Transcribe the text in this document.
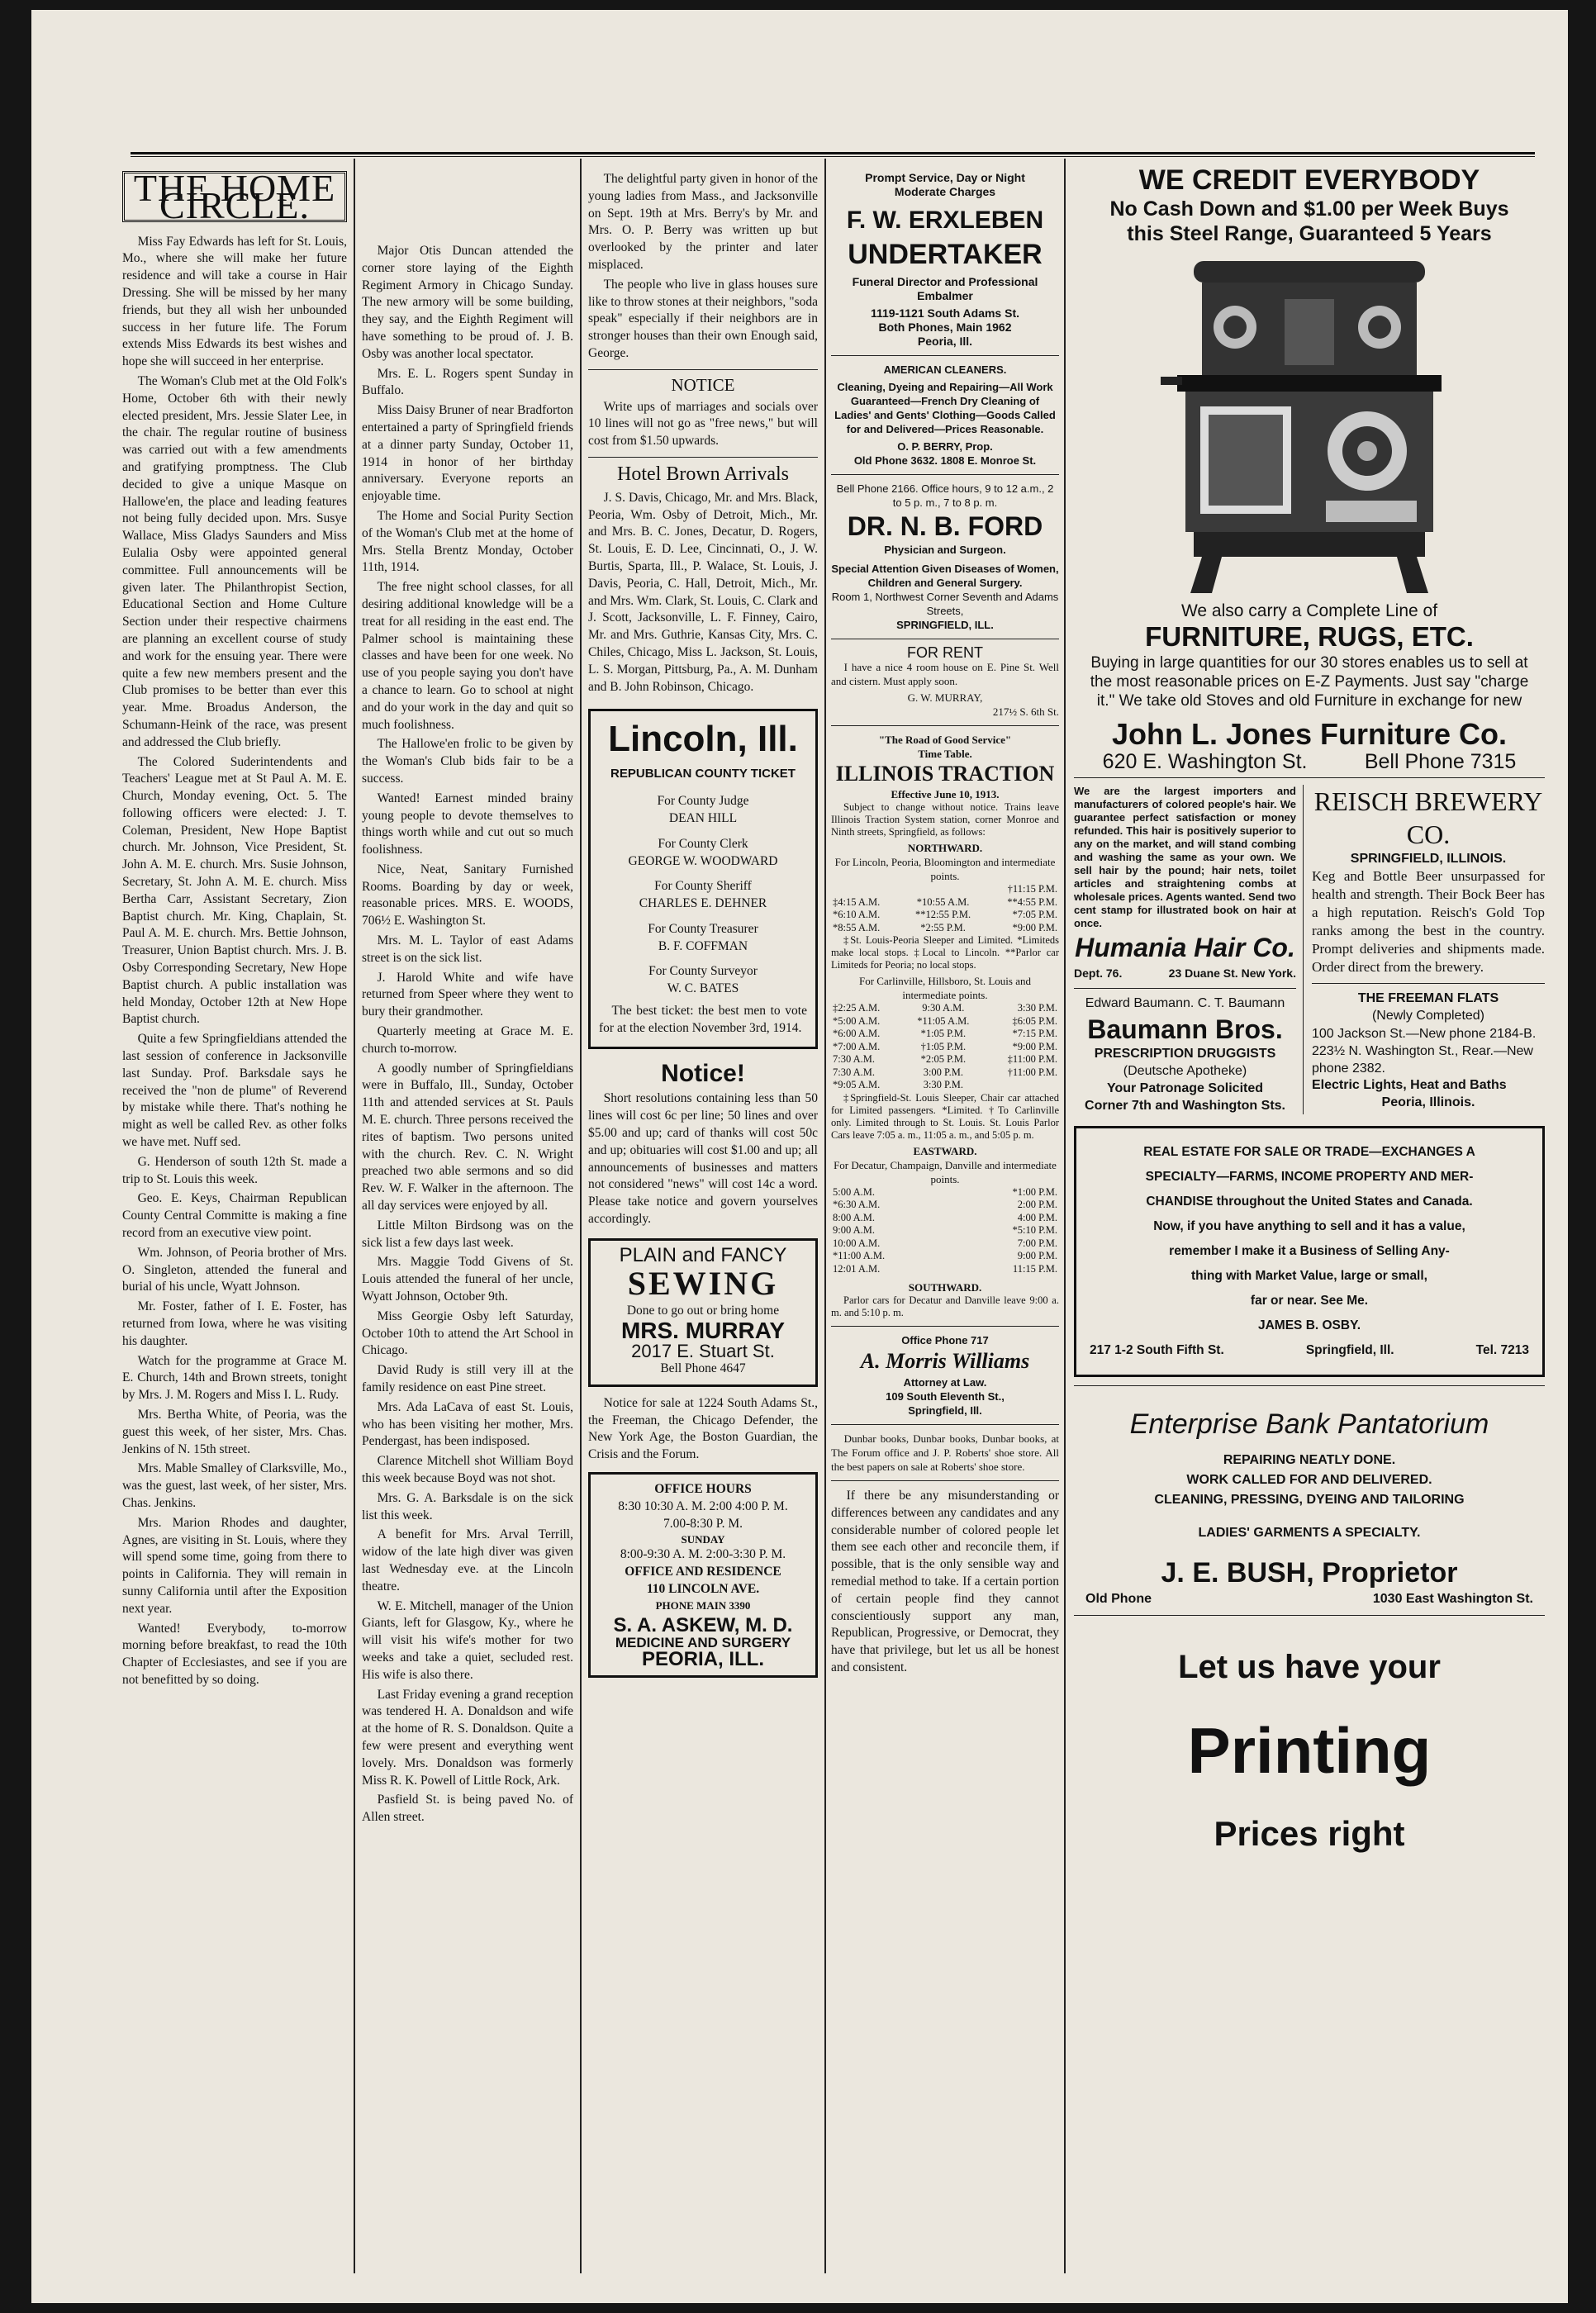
THE HOME CIRCLE.

Miss Fay Edwards has left for St. Louis, Mo., where she will make her future residence and will take a course in Hair Dressing. She will be missed by her many friends, but they all wish her unbounded success in her future life. The Forum extends Miss Edwards its best wishes and hope she will succeed in her enterprise.

The Woman's Club met at the Old Folk's Home, October 6th with their newly elected president, Mrs. Jessie Slater Lee, in the chair. The regular routine of business was carried out with a few amendments and gratifying promptness. The Club decided to give a unique Masque on Hallowe'en, the place and leading features not being fully decided upon. Mrs. Susye Wallace, Miss Gladys Saunders and Miss Eulalia Osby were appointed general committee. Full announcements will be given later. The Philanthropist Section, Educational Section and Home Culture Section under their respective chairmens are planning an excellent course of study and work for the ensuing year. There were quite a few new members present and the Club promises to be better than ever this year. Mme. Broadus Anderson, the Schumann-Heink of the race, was present and addressed the Club briefly.

The Colored Suderintendents and Teachers' League met at St Paul A. M. E. Church, Monday evening, Oct. 5. The following officers were elected: J. T. Coleman, President, New Hope Baptist church. Mr. Johnson, Vice President, St. John A. M. E. church. Mrs. Susie Johnson, Secretary, St. John A. M. E. church. Miss Bertha Carr, Assistant Secretary, Zion Baptist church. Mr. King, Chaplain, St. Paul A. M. E. church. Mrs. Bettie Johnson, Treasurer, Union Baptist church. Mrs. J. B. Osby Corresponding Secretary, New Hope Baptist church. A public installation was held Monday, October 12th at New Hope Baptist church.

Quite a few Springfieldians attended the last session of conference in Jacksonville last Sunday. Prof. Barksdale says he received the "non de plume" of Reverend by mistake while there. That's nothing he might as well be called Rev. as other folks we have met. Nuff sed.

G. Henderson of south 12th St. made a trip to St. Louis this week.

Geo. E. Keys, Chairman Republican County Central Committe is making a fine record from an executive view point.

Wm. Johnson, of Peoria brother of Mrs. O. Singleton, attended the funeral and burial of his uncle, Wyatt Johnson.

Mr. Foster, father of I. E. Foster, has returned from Iowa, where he was visiting his daughter.

Watch for the programme at Grace M. E. Church, 14th and Brown streets, tonight by Mrs. J. M. Rogers and Miss I. L. Rudy.

Mrs. Bertha White, of Peoria, was the guest this week, of her sister, Mrs. Chas. Jenkins of N. 15th street.

Mrs. Mable Smalley of Clarksville, Mo., was the guest, last week, of her sister, Mrs. Chas. Jenkins.

Mrs. Marion Rhodes and daughter, Agnes, are visiting in St. Louis, where they will spend some time, going from there to points in California. They will remain in sunny California until after the Exposition next year.

Wanted! Everybody, to-morrow morning before breakfast, to read the 10th Chapter of Ecclesiastes, and see if you are not benefitted by so doing.

Major Otis Duncan attended the corner store laying of the Eighth Regiment Armory in Chicago Sunday. The new armory will be some building, they say, and the Eighth Regiment will have something to be proud of. J. B. Osby was another local spectator.

Mrs. E. L. Rogers spent Sunday in Buffalo.

Miss Daisy Bruner of near Bradforton entertained a party of Springfield friends at a dinner party Sunday, October 11, 1914 in honor of her birthday anniversary. Everyone reports an enjoyable time.

The Home and Social Purity Section of the Woman's Club met at the home of Mrs. Stella Brentz Monday, October 11th, 1914.

The free night school classes, for all desiring additional knowledge will be a treat for all residing in the east end. The Palmer school is maintaining these classes and have been for one week. No use of you people saying you don't have a chance to learn. Go to school at night and do your work in the day and quit so much foolishness.

The Hallowe'en frolic to be given by the Woman's Club bids fair to be a success.

Wanted! Earnest minded brainy young people to devote themselves to things worth while and cut out so much foolishness.

Nice, Neat, Sanitary Furnished Rooms. Boarding by day or week, reasonable prices. MRS. E. WOODS, 706½ E. Washington St.

Mrs. M. L. Taylor of east Adams street is on the sick list.

J. Harold White and wife have returned from Speer where they went to bury their grandmother.

Quarterly meeting at Grace M. E. church to-morrow.

A goodly number of Springfieldians were in Buffalo, Ill., Sunday, October 11th and attended services at St. Pauls M. E. church. Three persons received the rites of baptism. Two persons united with the church. Rev. C. N. Wright preached two able sermons and so did Rev. W. F. Walker in the afternoon. The all day services were enjoyed by all.

Little Milton Birdsong was on the sick list a few days last week.

Mrs. Maggie Todd Givens of St. Louis attended the funeral of her uncle, Wyatt Johnson, October 9th.

Miss Georgie Osby left Saturday, October 10th to attend the Art School in Chicago.

David Rudy is still very ill at the family residence on east Pine street.

Mrs. Ada LaCava of east St. Louis, who has been visiting her mother, Mrs. Pendergast, has been indisposed.

Clarence Mitchell shot William Boyd this week because Boyd was not shot.

Mrs. G. A. Barksdale is on the sick list this week.

A benefit for Mrs. Arval Terrill, widow of the late high diver was given last Wednesday eve. at the Lincoln theatre.

W. E. Mitchell, manager of the Union Giants, left for Glasgow, Ky., where he will visit his wife's mother for two weeks and take a quiet, secluded rest. His wife is also there.

Last Friday evening a grand reception was tendered H. A. Donaldson and wife at the home of R. S. Donaldson. Quite a few were present and everything went lovely. Mrs. Donaldson was formerly Miss R. K. Powell of Little Rock, Ark.

Pasfield St. is being paved No. of Allen street.

The delightful party given in honor of the young ladies from Mass., and Jacksonville on Sept. 19th at Mrs. Berry's by Mr. and Mrs. O. P. Berry was written up but overlooked by the printer and later misplaced.

The people who live in glass houses sure like to throw stones at their neighbors, "soda speak" especially if their neighbors are in stronger houses than their own Enough said, George.

NOTICE

Write ups of marriages and socials over 10 lines will not go as "free news," but will cost from $1.50 upwards.

Hotel Brown Arrivals

J. S. Davis, Chicago, Mr. and Mrs. Black, Peoria, Wm. Osby of Detroit, Mich., Mr. and Mrs. B. C. Jones, Decatur, D. Rogers, St. Louis, E. D. Lee, Cincinnati, O., J. W. Burtis, Sparta, Ill., P. Walace, St. Louis, J. Davis, Peoria, C. Hall, Detroit, Mich., Mr. and Mrs. Wm. Clark, St. Louis, C. Clark and J. Scott, Jacksonville, L. F. Finney, Cairo, Mr. and Mrs. Guthrie, Kansas City, Mrs. C. Chiles, Chicago, Miss L. Jackson, St. Louis, L. S. Morgan, Pittsburg, Pa., A. M. Dunham and B. John Robinson, Chicago.

Lincoln, Ill.
REPUBLICAN COUNTY TICKET
For County Judge
DEAN HILL
For County Clerk
GEORGE W. WOODWARD
For County Sheriff
CHARLES E. DEHNER
For County Treasurer
B. F. COFFMAN
For County Surveyor
W. C. BATES

The best ticket: the best men to vote for at the election November 3rd, 1914.

Notice!

Short resolutions containing less than 50 lines will cost 6c per line; 50 lines and over $5.00 and up; card of thanks will cost 50c and up; obituaries will cost $1.00 and up; all announcements of businesses and matters not considered "news" will cost 14c a word. Please take notice and govern yourselves accordingly.

PLAIN and FANCY
SEWING
Done to go out or bring home
MRS. MURRAY
2017 E. Stuart St.
Bell Phone 4647

Notice for sale at 1224 South Adams St., the Freeman, the Chicago Defender, the New York Age, the Boston Guardian, the Crisis and the Forum.

OFFICE HOURS
8:30 10:30 A. M. 2:00 4:00 P. M.
7.00-8:30 P. M.
SUNDAY
8:00-9:30 A. M. 2:00-3:30 P. M.
OFFICE AND RESIDENCE
110 LINCOLN AVE.
PHONE MAIN 3390
S. A. ASKEW, M. D.
MEDICINE AND SURGERY
PEORIA, ILL.
Prompt Service, Day or Night
Moderate Charges
F. W. ERXLEBEN
UNDERTAKER
Funeral Director and Professional Embalmer
1119-1121 South Adams St.
Both Phones, Main 1962
Peoria, Ill.
AMERICAN CLEANERS.
Cleaning, Dyeing and Repairing—All Work Guaranteed—French Dry Cleaning of Ladies' and Gents' Clothing—Goods Called for and Delivered—Prices Reasonable.
O. P. BERRY, Prop.
Old Phone 3632. 1808 E. Monroe St.
Bell Phone 2166. Office hours, 9 to 12 a.m., 2 to 5 p. m., 7 to 8 p. m.
DR. N. B. FORD
Physician and Surgeon.
Special Attention Given Diseases of Women, Children and General Surgery.
Room 1, Northwest Corner Seventh and Adams Streets,
SPRINGFIELD, ILL.
FOR RENT

I have a nice 4 room house on E. Pine St. Well and cistern. Must apply soon.

G. W. MURRAY,
217½ S. 6th St.
"The Road of Good Service"
Time Table.
ILLINOIS TRACTION
Effective June 10, 1913.

Subject to change without notice. Trains leave Illinois Traction System station, corner Monroe and Ninth streets, Springfield, as follows:

NORTHWARD.
For Lincoln, Peoria, Bloomington and intermediate points.
		†11:15 P.M.
‡4:15 A.M.	*10:55 A.M.	**4:55 P.M.
*6:10 A.M.	**12:55 P.M.	*7:05 P.M.
*8:55 A.M.	*2:55 P.M.	*9:00 P.M.

‡St. Louis-Peoria Sleeper and Limited. *Limiteds make local stops. ‡Local to Lincoln. **Parlor car Limiteds for Peoria; no local stops.

For Carlinville, Hillsboro, St. Louis and intermediate points.
‡2:25 A.M.	9:30 A.M.	3:30 P.M.
*5:00 A.M.	*11:05 A.M.	‡6:05 P.M.
*6:00 A.M.	*1:05 P.M.	*7:15 P.M.
*7:00 A.M.	†1:05 P.M.	*9:00 P.M.
7:30 A.M.	*2:05 P.M.	‡11:00 P.M.
7:30 A.M.	3:00 P.M.	†11:00 P.M.
*9:05 A.M.	3:30 P.M.	

‡Springfield-St. Louis Sleeper, Chair car attached for Limited passengers. *Limited. †To Carlinville only. Limited through to St. Louis. St. Louis Parlor Cars leave 7:05 a. m., 11:05 a. m., and 5:05 p. m.

EASTWARD.
For Decatur, Champaign, Danville and intermediate points.
5:00 A.M.		*1:00 P.M.
*6:30 A.M.		2:00 P.M.
8:00 A.M.		4:00 P.M.
9:00 A.M.		*5:10 P.M.
10:00 A.M.		7:00 P.M.
*11:00 A.M.		9:00 P.M.
12:01 A.M.		11:15 P.M.
SOUTHWARD.

Parlor cars for Decatur and Danville leave 9:00 a. m. and 5:10 p. m.

Office Phone 717
A. Morris Williams
Attorney at Law.
109 South Eleventh St.,
Springfield, Ill.

Dunbar books, Dunbar books, Dunbar books, at The Forum office and J. P. Roberts' shoe store. All the best papers on sale at Roberts' shoe store.

If there be any misunderstanding or differences between any candidates and any considerable number of colored people let them see each other and reconcile them, if possible, that is the only sensible way and remedial method to take. If a certain portion of certain people find they cannot conscientiously support any man, Republican, Progressive, or Democrat, they have that privilege, but let us all be honest and consistent.

WE CREDIT EVERYBODY
No Cash Down and $1.00 per Week Buys
this Steel Range, Guaranteed 5 Years
We also carry a Complete Line of
FURNITURE, RUGS, ETC.
Buying in large quantities for our 30 stores enables us to sell at the most reasonable prices on E-Z Payments. Just say "charge it." We take old Stoves and old Furniture in exchange for new
John L. Jones Furniture Co.
620 E. Washington St.	Bell Phone 7315
We are the largest importers and manufacturers of colored people's hair. We guarantee perfect satisfaction or money refunded. This hair is positively superior to any on the market, and will stand combing and washing the same as your own. We sell hair by the pound; hair nets, toilet articles and straightening combs at wholesale prices. Agents wanted. Send two cent stamp for illustrated book on hair at once.
Humania Hair Co.
Dept. 76.	23 Duane St. New York.
Edward Baumann. C. T. Baumann
Baumann Bros.
PRESCRIPTION DRUGGISTS
(Deutsche Apotheke)
Your Patronage Solicited
Corner 7th and Washington Sts.
REISCH BREWERY CO.
SPRINGFIELD, ILLINOIS.
Keg and Bottle Beer unsurpassed for health and strength. Their Bock Beer has a high reputation. Reisch's Gold Top ranks among the best in the country. Prompt deliveries and shipments made. Order direct from the brewery.
THE FREEMAN FLATS
(Newly Completed)
100 Jackson St.—New phone 2184-B. 223½ N. Washington St., Rear.—New phone 2382.
Electric Lights, Heat and Baths
Peoria, Illinois.
REAL ESTATE FOR SALE OR TRADE—EXCHANGES A
SPECIALTY—FARMS, INCOME PROPERTY AND MER-
CHANDISE throughout the United States and Canada.
Now, if you have anything to sell and it has a value,
remember I make it a Business of Selling Any-
thing with Market Value, large or small,
far or near. See Me.
JAMES B. OSBY.
217 1-2 South Fifth St.	Springfield, Ill.	Tel. 7213
Enterprise Bank Pantatorium
REPAIRING NEATLY DONE.
WORK CALLED FOR AND DELIVERED.
CLEANING, PRESSING, DYEING AND TAILORING
LADIES' GARMENTS A SPECIALTY.
J. E. BUSH, Proprietor
Old Phone	1030 East Washington St.
Let us have your
Printing
Prices right
